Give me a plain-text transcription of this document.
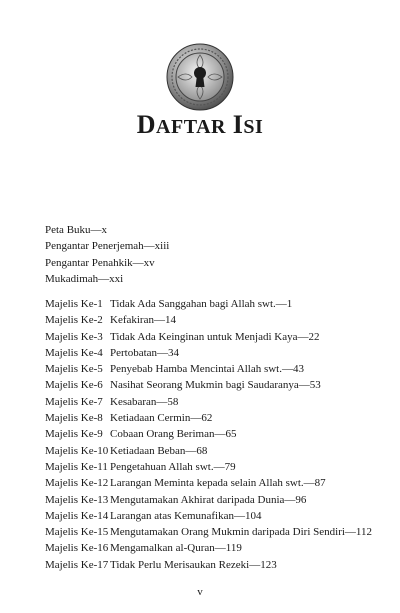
DAFTAR ISI
Peta Buku—x
Pengantar Penerjemah—xiii
Pengantar Penahkik—xv
Mukadimah—xxi
Majelis Ke-1 Tidak Ada Sanggahan bagi Allah swt.—1
Majelis Ke-2 Kefakiran—14
Majelis Ke-3 Tidak Ada Keinginan untuk Menjadi Kaya—22
Majelis Ke-4 Pertobatan—34
Majelis Ke-5 Penyebab Hamba Mencintai Allah swt.—43
Majelis Ke-6 Nasihat Seorang Mukmin bagi Saudaranya—53
Majelis Ke-7 Kesabaran—58
Majelis Ke-8 Ketiadaan Cermin—62
Majelis Ke-9 Cobaan Orang Beriman—65
Majelis Ke-10 Ketiadaan Beban—68
Majelis Ke-11 Pengetahuan Allah swt.—79
Majelis Ke-12 Larangan Meminta kepada selain Allah swt.—87
Majelis Ke-13 Mengutamakan Akhirat daripada Dunia—96
Majelis Ke-14 Larangan atas Kemunafikan—104
Majelis Ke-15 Mengutamakan Orang Mukmin daripada Diri Sendiri—112
Majelis Ke-16 Mengamalkan al-Quran—119
Majelis Ke-17 Tidak Perlu Merisaukan Rezeki—123
v
